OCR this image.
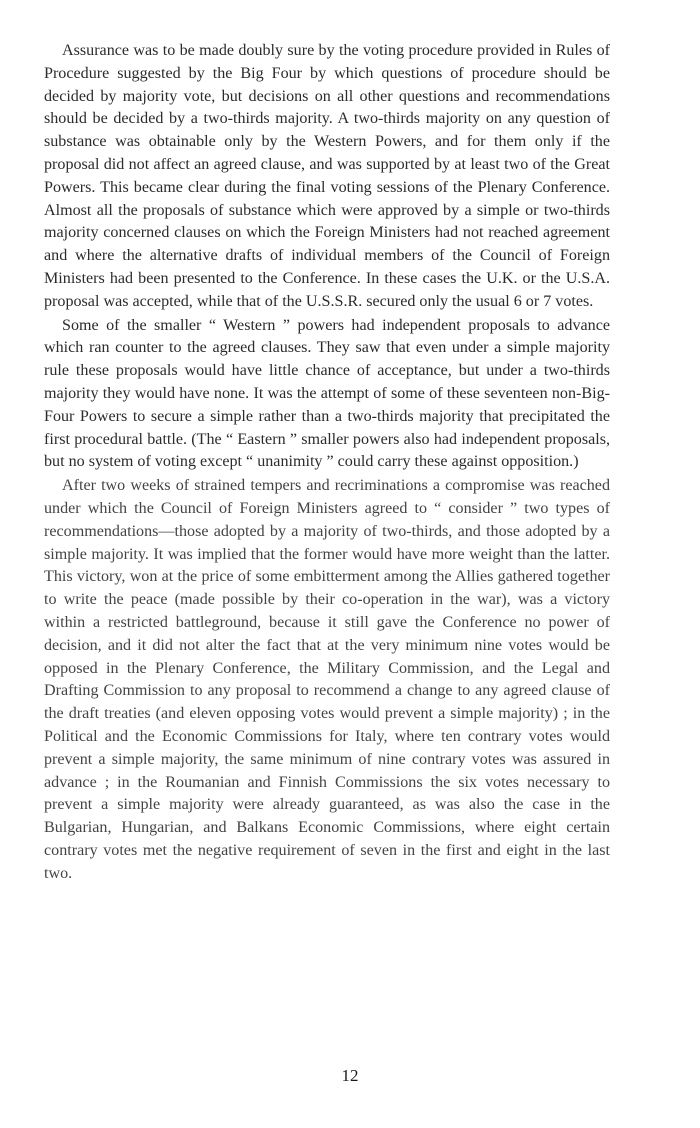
Assurance was to be made doubly sure by the voting procedure provided in Rules of Procedure suggested by the Big Four by which questions of procedure should be decided by majority vote, but decisions on all other questions and recommendations should be decided by a two-thirds majority. A two-thirds majority on any question of substance was obtainable only by the Western Powers, and for them only if the proposal did not affect an agreed clause, and was supported by at least two of the Great Powers. This became clear during the final voting sessions of the Plenary Conference. Almost all the proposals of substance which were approved by a simple or two-thirds majority concerned clauses on which the Foreign Ministers had not reached agreement and where the alternative drafts of individual members of the Council of Foreign Ministers had been presented to the Conference. In these cases the U.K. or the U.S.A. proposal was accepted, while that of the U.S.S.R. secured only the usual 6 or 7 votes.

Some of the smaller “ Western ” powers had independent proposals to advance which ran counter to the agreed clauses. They saw that even under a simple majority rule these proposals would have little chance of acceptance, but under a two-thirds majority they would have none. It was the attempt of some of these seventeen non-Big-Four Powers to secure a simple rather than a two-thirds majority that precipitated the first procedural battle. (The “ Eastern ” smaller powers also had independent proposals, but no system of voting except “ unanimity ” could carry these against opposition.)

After two weeks of strained tempers and recriminations a compromise was reached under which the Council of Foreign Ministers agreed to “ consider ” two types of recommendations—those adopted by a majority of two-thirds, and those adopted by a simple majority. It was implied that the former would have more weight than the latter. This victory, won at the price of some embitterment among the Allies gathered together to write the peace (made possible by their co-operation in the war), was a victory within a restricted battleground, because it still gave the Conference no power of decision, and it did not alter the fact that at the very minimum nine votes would be opposed in the Plenary Conference, the Military Commission, and the Legal and Drafting Commission to any proposal to recommend a change to any agreed clause of the draft treaties (and eleven opposing votes would prevent a simple majority) ; in the Political and the Economic Commissions for Italy, where ten contrary votes would prevent a simple majority, the same minimum of nine contrary votes was assured in advance ; in the Roumanian and Finnish Commissions the six votes necessary to prevent a simple majority were already guaranteed, as was also the case in the Bulgarian, Hungarian, and Balkans Economic Commissions, where eight certain contrary votes met the negative requirement of seven in the first and eight in the last two.

12
